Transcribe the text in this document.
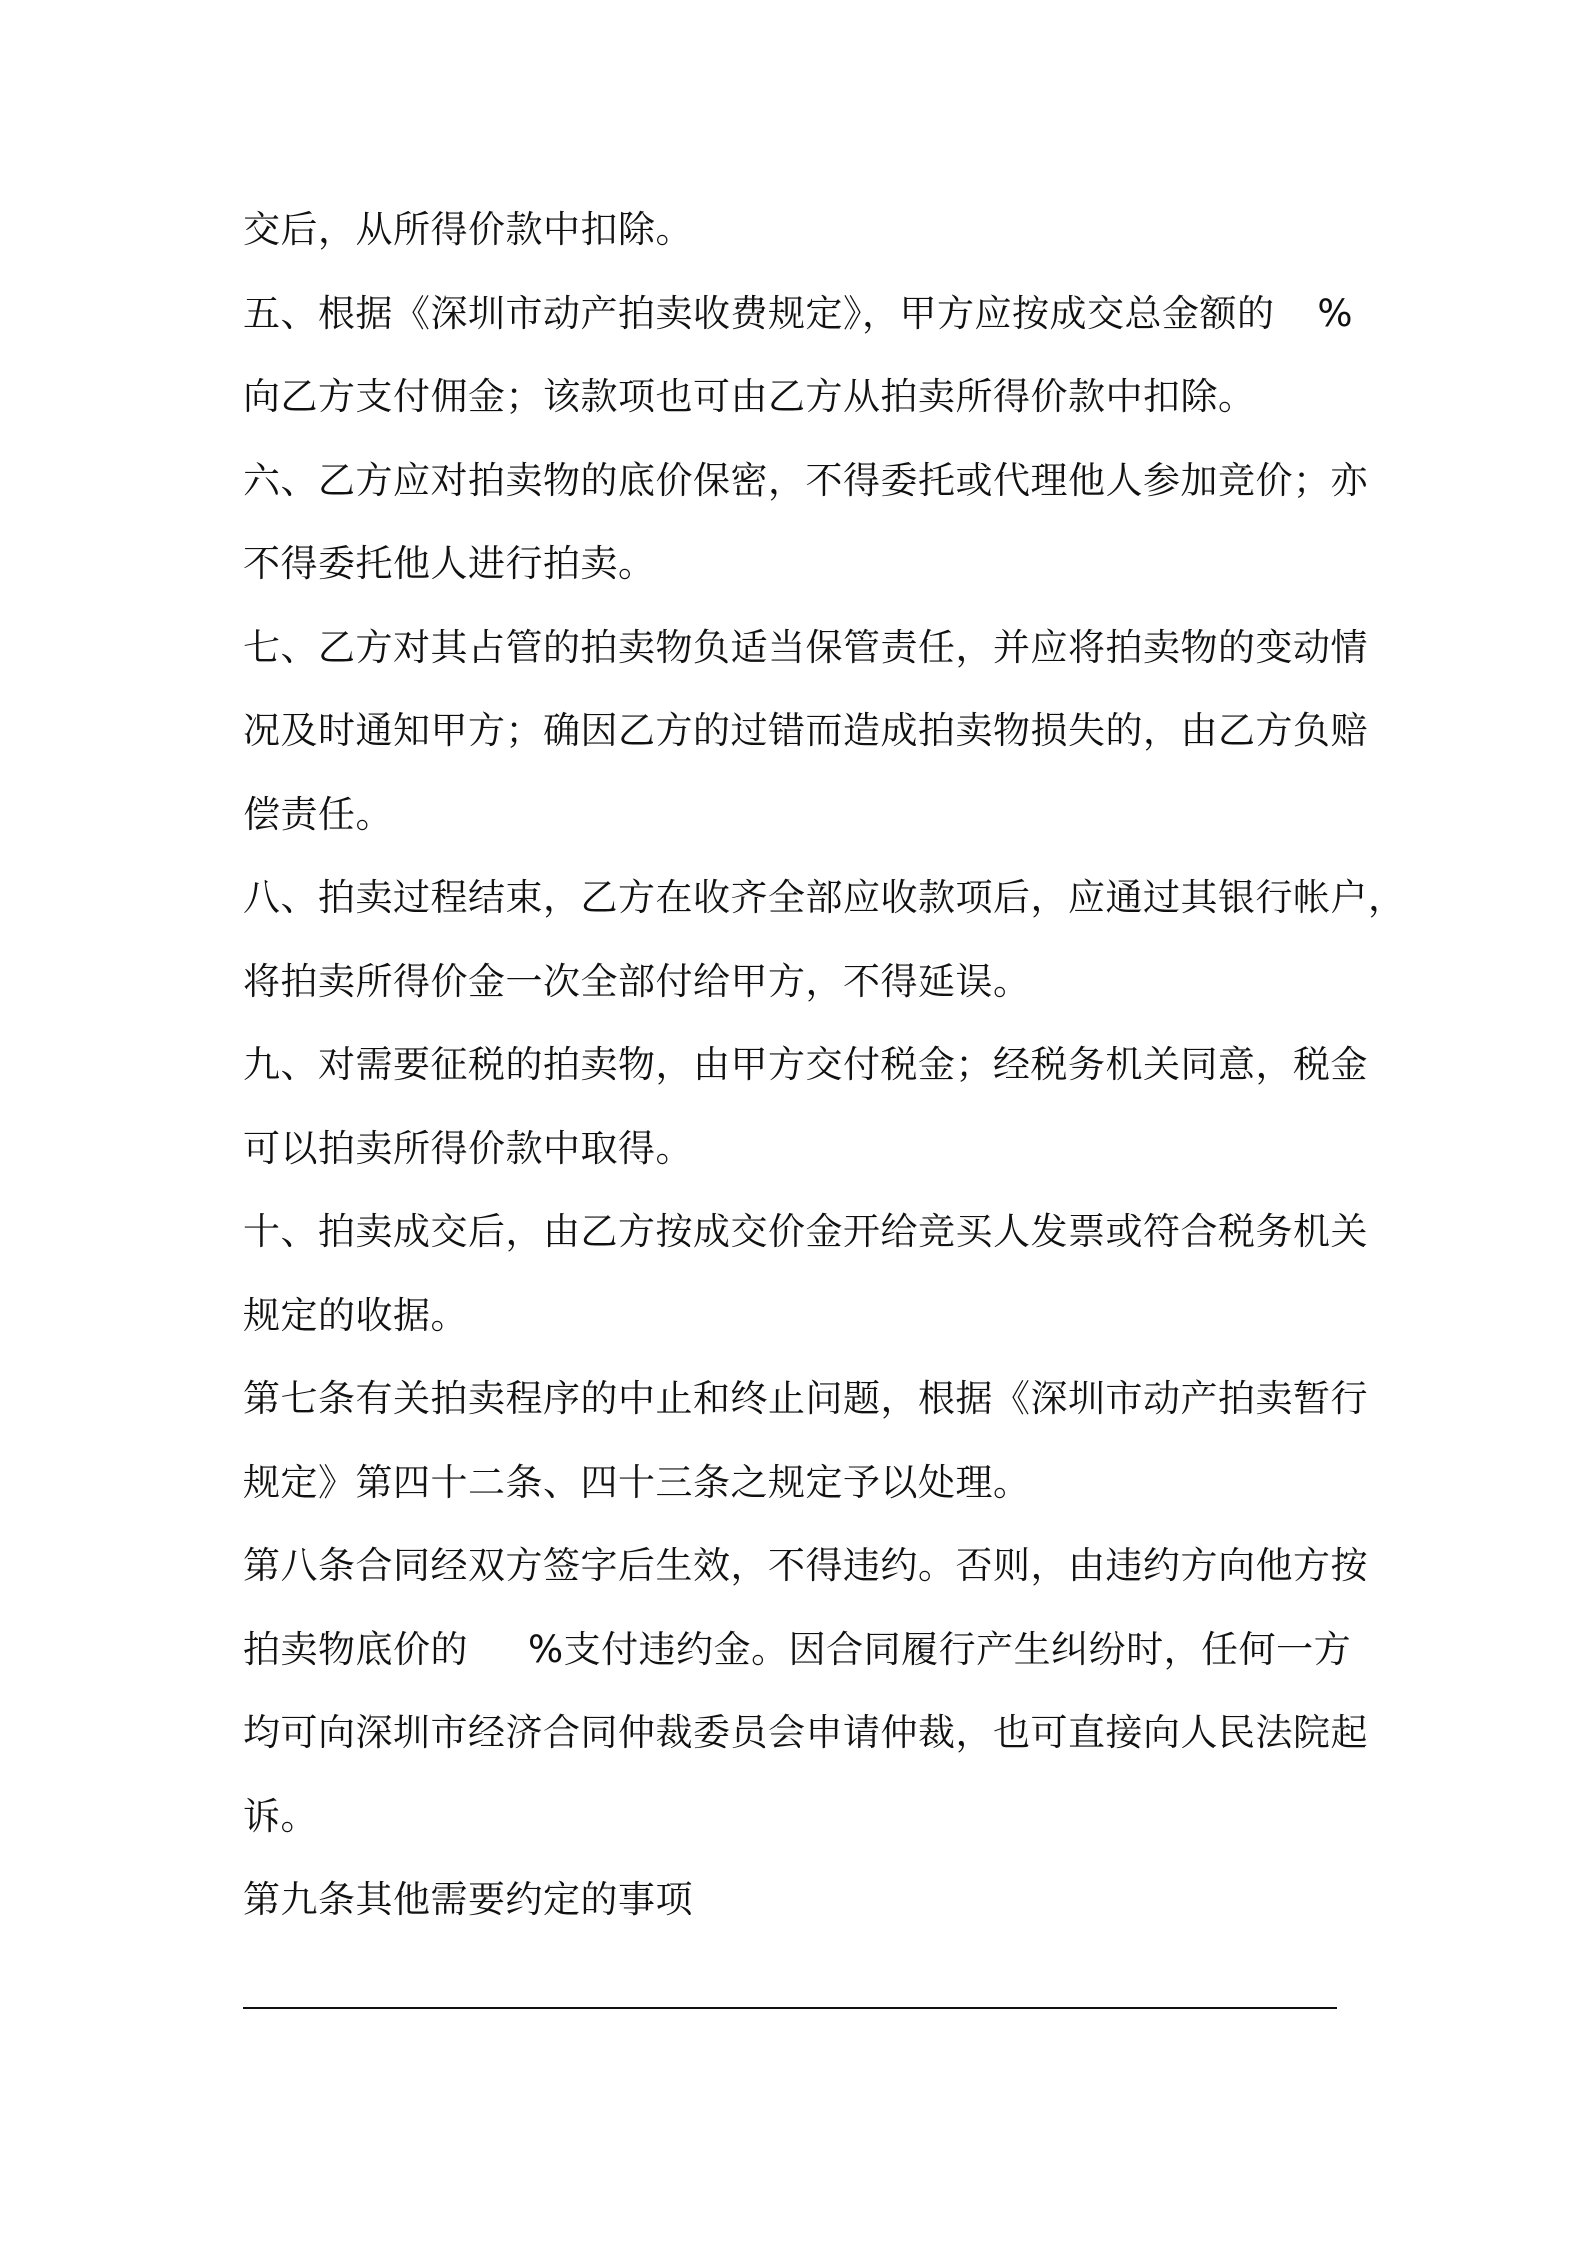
交后，从所得价款中扣除。
五、根据《深圳市动产拍卖收费规定》，甲方应按成交总金额的 %
向乙方支付佣金；该款项也可由乙方从拍卖所得价款中扣除。
六、乙方应对拍卖物的底价保密，不得委托或代理他人参加竞价；亦
不得委托他人进行拍卖。
七、乙方对其占管的拍卖物负适当保管责任，并应将拍卖物的变动情
况及时通知甲方；确因乙方的过错而造成拍卖物损失的，由乙方负赔
偿责任。
八、拍卖过程结束，乙方在收齐全部应收款项后，应通过其银行帐户，
将拍卖所得价金一次全部付给甲方，不得延误。
九、对需要征税的拍卖物，由甲方交付税金；经税务机关同意，税金
可以拍卖所得价款中取得。
十、拍卖成交后，由乙方按成交价金开给竞买人发票或符合税务机关
规定的收据。
第七条有关拍卖程序的中止和终止问题，根据《深圳市动产拍卖暂行
规定》第四十二条、四十三条之规定予以处理。
第八条合同经双方签字后生效，不得违约。否则，由违约方向他方按
拍卖物底价的 %支付违约金。因合同履行产生纠纷时，任何一方
均可向深圳市经济合同仲裁委员会申请仲裁，也可直接向人民法院起
诉。
第九条其他需要约定的事项
